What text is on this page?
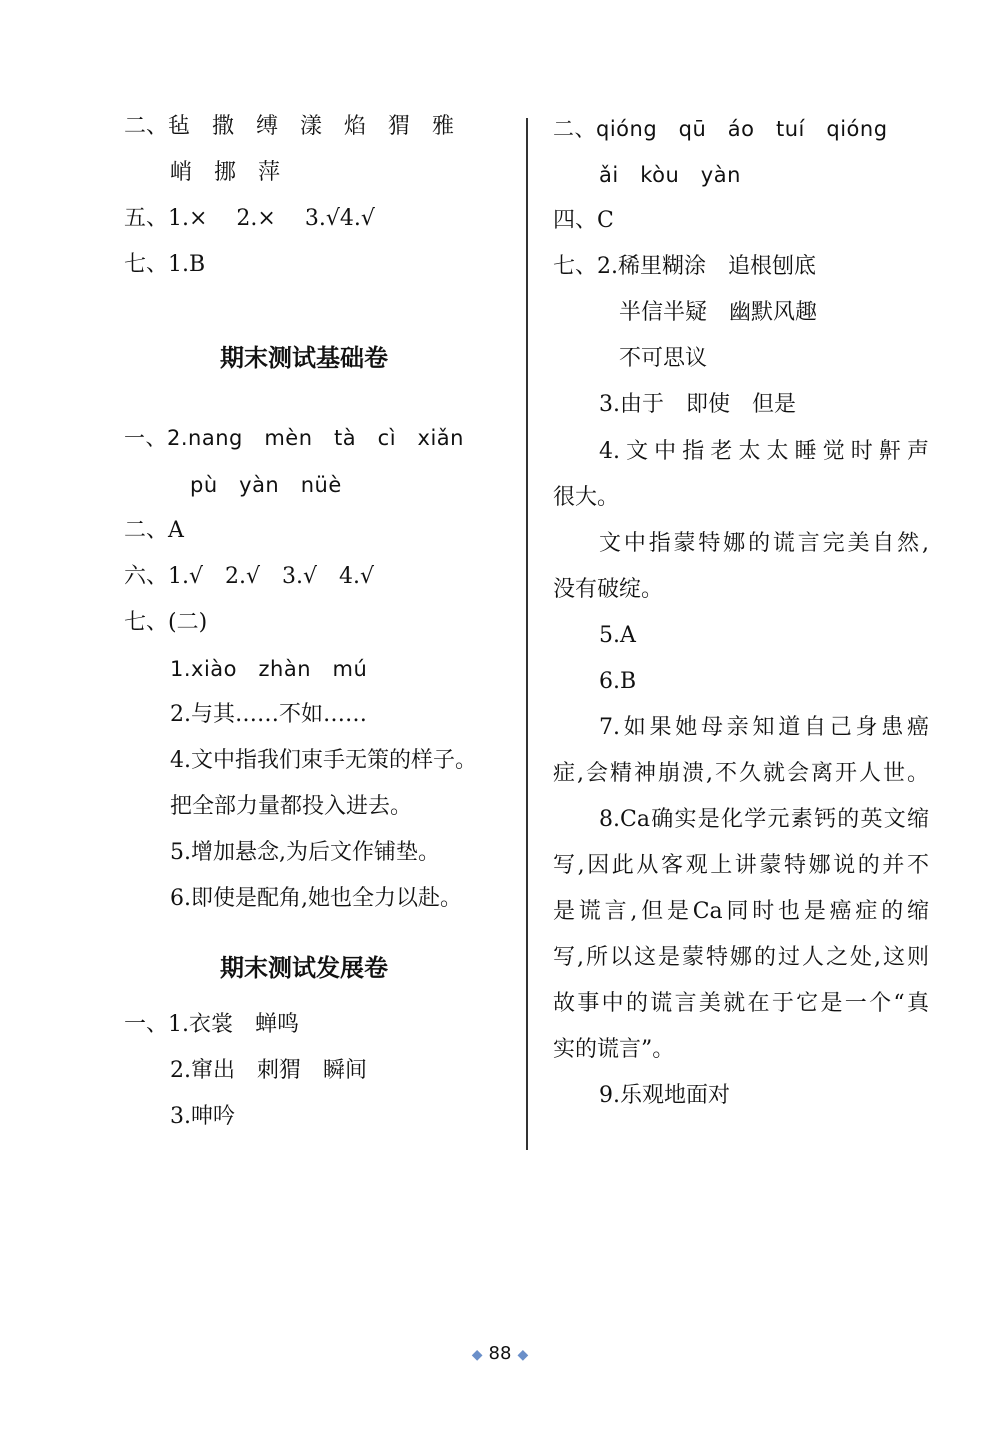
二、毡　撒　缚　漾　焰　猬　雅
峭　挪　萍
五、1.×　 2.×　 3.√4.√
七、1.B
期末测试基础卷
一、2.nang　mèn　tà　cì　xiǎn
pù　yàn　nüè
二、A
六、1.√　2.√　3.√　4.√
七、(二)
1.xiào　zhàn　mú
2.与其……不如……
4.文中指我们束手无策的样子。
把全部力量都投入进去。
5.增加悬念,为后文作铺垫。
6.即使是配角,她也全力以赴。
期末测试发展卷
一、1.衣裳　蝉鸣
2.窜出　刺猬　瞬间
3.呻吟
二、qióng　qū　áo　tuí　qióng
ǎi　kòu　yàn
四、C
七、2.稀里糊涂　追根刨底
半信半疑　幽默风趣
不可思议
3.由于　即使　但是
4.文中指老太太睡觉时鼾声
很大。
文中指蒙特娜的谎言完美自然,
没有破绽。
5.A
6.B
7.如果她母亲知道自己身患癌
症,会精神崩溃,不久就会离开人世。
8.Ca确实是化学元素钙的英文缩
写,因此从客观上讲蒙特娜说的并不
是谎言,但是Ca同时也是癌症的缩
写,所以这是蒙特娜的过人之处,这则
故事中的谎言美就在于它是一个“真
实的谎言”。
9.乐观地面对
◆ 88 ◆
